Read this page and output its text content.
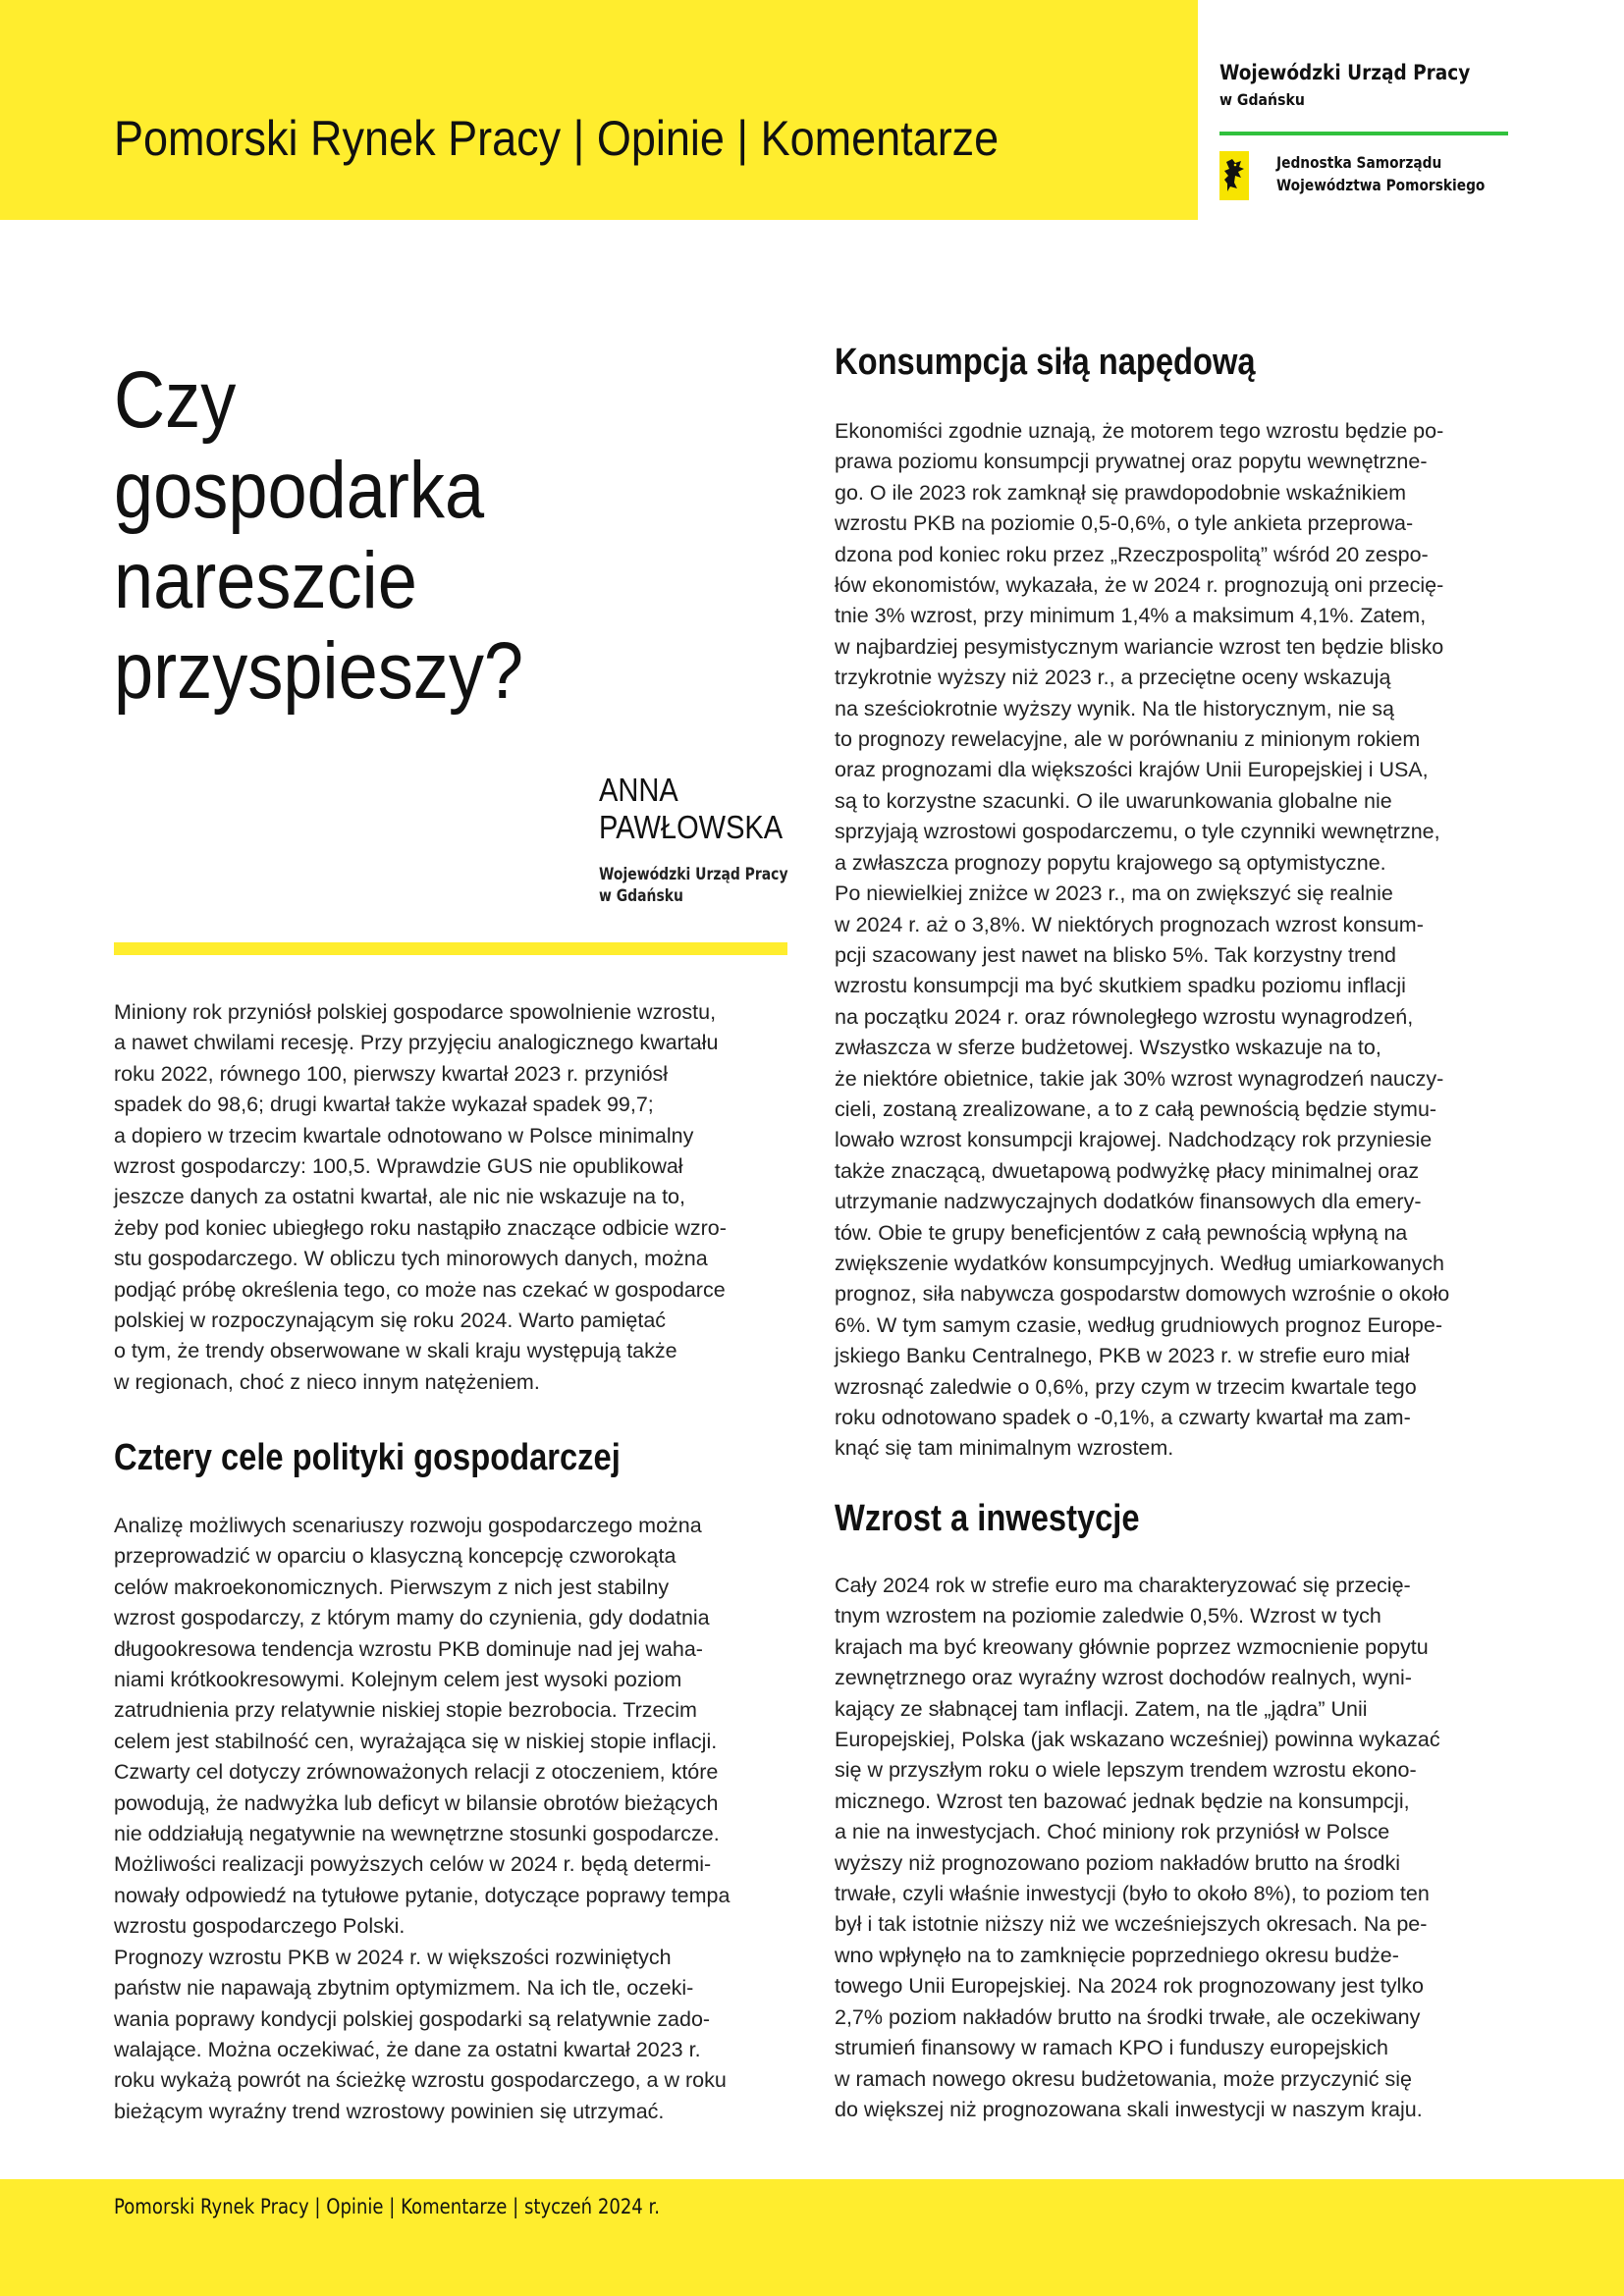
Pomorski Rynek Pracy | Opinie | Komentarze
Wojewódzki Urząd Pracy
w Gdańsku
Jednostka Samorządu
Województwa Pomorskiego
Czy
gospodarka
nareszcie
przyspieszy?
ANNA
PAWŁOWSKA
Wojewódzki Urząd Pracy
w Gdańsku
Miniony rok przyniósł polskiej gospodarce spowolnienie wzrostu,
a nawet chwilami recesję. Przy przyjęciu analogicznego kwartału
roku 2022, równego 100, pierwszy kwartał 2023 r. przyniósł
spadek do 98,6; drugi kwartał także wykazał spadek 99,7;
a dopiero w trzecim kwartale odnotowano w Polsce minimalny
wzrost gospodarczy: 100,5. Wprawdzie GUS nie opublikował
jeszcze danych za ostatni kwartał, ale nic nie wskazuje na to,
żeby pod koniec ubiegłego roku nastąpiło znaczące odbicie wzro-
stu gospodarczego. W obliczu tych minorowych danych, można
podjąć próbę określenia tego, co może nas czekać w gospodarce
polskiej w rozpoczynającym się roku 2024. Warto pamiętać
o tym, że trendy obserwowane w skali kraju występują także
w regionach, choć z nieco innym natężeniem.
Cztery cele polityki gospodarczej
Analizę możliwych scenariuszy rozwoju gospodarczego można
przeprowadzić w oparciu o klasyczną koncepcję czworokąta
celów makroekonomicznych. Pierwszym z nich jest stabilny
wzrost gospodarczy, z którym mamy do czynienia, gdy dodatnia
długookresowa tendencja wzrostu PKB dominuje nad jej waha-
niami krótkookresowymi. Kolejnym celem jest wysoki poziom
zatrudnienia przy relatywnie niskiej stopie bezrobocia. Trzecim
celem jest stabilność cen, wyrażająca się w niskiej stopie inflacji.
Czwarty cel dotyczy zrównoważonych relacji z otoczeniem, które
powodują, że nadwyżka lub deficyt w bilansie obrotów bieżących
nie oddziałują negatywnie na wewnętrzne stosunki gospodarcze.
Możliwości realizacji powyższych celów w 2024 r. będą determi-
nowały odpowiedź na tytułowe pytanie, dotyczące poprawy tempa
wzrostu gospodarczego Polski.
Prognozy wzrostu PKB w 2024 r. w większości rozwiniętych
państw nie napawają zbytnim optymizmem. Na ich tle, oczeki-
wania poprawy kondycji polskiej gospodarki są relatywnie zado-
walające. Można oczekiwać, że dane za ostatni kwartał 2023 r.
roku wykażą powrót na ścieżkę wzrostu gospodarczego, a w roku
bieżącym wyraźny trend wzrostowy powinien się utrzymać.
Konsumpcja siłą napędową
Ekonomiści zgodnie uznają, że motorem tego wzrostu będzie po-
prawa poziomu konsumpcji prywatnej oraz popytu wewnętrzne-
go. O ile 2023 rok zamknął się prawdopodobnie wskaźnikiem
wzrostu PKB na poziomie 0,5-0,6%, o tyle ankieta przeprowa-
dzona pod koniec roku przez „Rzeczpospolitą” wśród 20 zespo-
łów ekonomistów, wykazała, że w 2024 r. prognozują oni przecię-
tnie 3% wzrost, przy minimum 1,4% a maksimum 4,1%. Zatem,
w najbardziej pesymistycznym wariancie wzrost ten będzie blisko
trzykrotnie wyższy niż 2023 r., a przeciętne oceny wskazują
na sześciokrotnie wyższy wynik. Na tle historycznym, nie są
to prognozy rewelacyjne, ale w porównaniu z minionym rokiem
oraz prognozami dla większości krajów Unii Europejskiej i USA,
są to korzystne szacunki. O ile uwarunkowania globalne nie
sprzyjają wzrostowi gospodarczemu, o tyle czynniki wewnętrzne,
a zwłaszcza prognozy popytu krajowego są optymistyczne.
Po niewielkiej zniżce w 2023 r., ma on zwiększyć się realnie
w 2024 r. aż o 3,8%. W niektórych prognozach wzrost konsum-
pcji szacowany jest nawet na blisko 5%. Tak korzystny trend
wzrostu konsumpcji ma być skutkiem spadku poziomu inflacji
na początku 2024 r. oraz równoległego wzrostu wynagrodzeń,
zwłaszcza w sferze budżetowej. Wszystko wskazuje na to,
że niektóre obietnice, takie jak 30% wzrost wynagrodzeń nauczy-
cieli, zostaną zrealizowane, a to z całą pewnością będzie stymu-
lowało wzrost konsumpcji krajowej. Nadchodzący rok przyniesie
także znaczącą, dwuetapową podwyżkę płacy minimalnej oraz
utrzymanie nadzwyczajnych dodatków finansowych dla emery-
tów. Obie te grupy beneficjentów z całą pewnością wpłyną na
zwiększenie wydatków konsumpcyjnych. Według umiarkowanych
prognoz, siła nabywcza gospodarstw domowych wzrośnie o około
6%. W tym samym czasie, według grudniowych prognoz Europe-
jskiego Banku Centralnego, PKB w 2023 r. w strefie euro miał
wzrosnąć zaledwie o 0,6%, przy czym w trzecim kwartale tego
roku odnotowano spadek o -0,1%, a czwarty kwartał ma zam-
knąć się tam minimalnym wzrostem.
Wzrost a inwestycje
Cały 2024 rok w strefie euro ma charakteryzować się przecię-
tnym wzrostem na poziomie zaledwie 0,5%. Wzrost w tych
krajach ma być kreowany głównie poprzez wzmocnienie popytu
zewnętrznego oraz wyraźny wzrost dochodów realnych, wyni-
kający ze słabnącej tam inflacji. Zatem, na tle „jądra” Unii
Europejskiej, Polska (jak wskazano wcześniej) powinna wykazać
się w przyszłym roku o wiele lepszym trendem wzrostu ekono-
micznego. Wzrost ten bazować jednak będzie na konsumpcji,
a nie na inwestycjach. Choć miniony rok przyniósł w Polsce
wyższy niż prognozowano poziom nakładów brutto na środki
trwałe, czyli właśnie inwestycji (było to około 8%), to poziom ten
był i tak istotnie niższy niż we wcześniejszych okresach. Na pe-
wno wpłynęło na to zamknięcie poprzedniego okresu budże-
towego Unii Europejskiej. Na 2024 rok prognozowany jest tylko
2,7% poziom nakładów brutto na środki trwałe, ale oczekiwany
strumień finansowy w ramach KPO i funduszy europejskich
w ramach nowego okresu budżetowania, może przyczynić się
do większej niż prognozowana skali inwestycji w naszym kraju.
Pomorski Rynek Pracy | Opinie | Komentarze | styczeń 2024 r.
